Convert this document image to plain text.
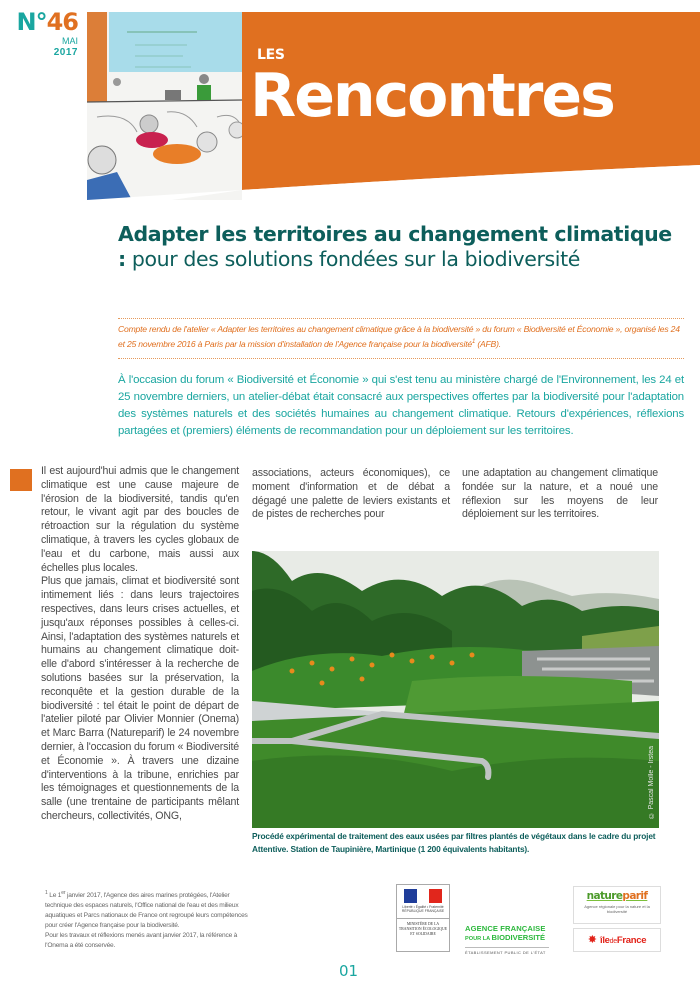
N°46
MAI
2017	LES
Rencontres
Adapter les territoires au changement climatique : pour des solutions fondées sur la biodiversité
Compte rendu de l'atelier « Adapter les territoires au changement climatique grâce à la biodiversité » du forum « Biodiversité et Économie », organisé les 24 et 25 novembre 2016 à Paris par la mission d'installation de l'Agence française pour la biodiversité$^1$ (AFB).
À l'occasion du forum « Biodiversité et Économie » qui s'est tenu au ministère chargé de l'Environnement, les 24 et 25 novembre derniers, un atelier-débat était consacré aux perspectives offertes par la biodiversité pour l'adaptation des systèmes naturels et des sociétés humaines au changement climatique. Retours d'expériences, réflexions partagées et (premiers) éléments de recommandation pour un déploiement sur les territoires.

Il est aujourd'hui admis que le changement climatique est une cause majeure de l'érosion de la biodiversité, tandis qu'en retour, le vivant agit par des boucles de rétroaction sur la régulation du système climatique, à travers les cycles globaux de l'eau et du carbone, mais aussi aux échelles plus locales.

Plus que jamais, climat et biodiversité sont intimement liés : dans leurs trajectoires respectives, dans leurs crises actuelles, et jusqu'aux réponses possibles à celles-ci. Ainsi, l'adaptation des systèmes naturels et humains au changement climatique doit-elle d'abord s'intéresser à la recherche de solutions basées sur la préservation, la reconquête et la gestion durable de la biodiversité : tel était le point de départ de l'atelier piloté par Olivier Monnier (Onema) et Marc Barra (Natureparif) le 24 novembre dernier, à l'occasion du forum « Biodiversité et Économie ». À travers une dizaine d'interventions à la tribune, enrichies par les témoignages et questionnements de la salle (une trentaine de participants mêlant chercheurs, collectivités, ONG,

associations, acteurs économiques), ce moment d'information et de débat a dégagé une palette de leviers existants et de pistes de recherches pour

une adaptation au changement climatique fondée sur la nature, et a noué une réflexion sur les moyens de leur déploiement sur les territoires.

© Pascal Molle - Irstea
Procédé expérimental de traitement des eaux usées par filtres plantés de végétaux dans le cadre du projet Attentive. Station de Taupinière, Martinique (1 200 équivalents habitants).

$^1$ Le 1er janvier 2017, l'Agence des aires marines protégées, l'Atelier technique des espaces naturels, l'Office national de l'eau et des milieux aquatiques et Parcs nationaux de France ont regroupé leurs compétences pour créer l'Agence française pour la biodiversité.

Pour les travaux et réflexions menés avant janvier 2017, la référence à l'Onema a été conservée.

Liberté • Égalité • Fraternité RÉPUBLIQUE FRANÇAISE
MINISTÈRE DE LA TRANSITION ÉCOLOGIQUE ET SOLIDAIRE
AGENCE FRANÇAISE
POUR LA BIODIVERSITÉ
ÉTABLISSEMENT PUBLIC DE L'ÉTAT
natureparif
Agence régionale pour la nature et la biodiversité
✸ îledeFrance
01
